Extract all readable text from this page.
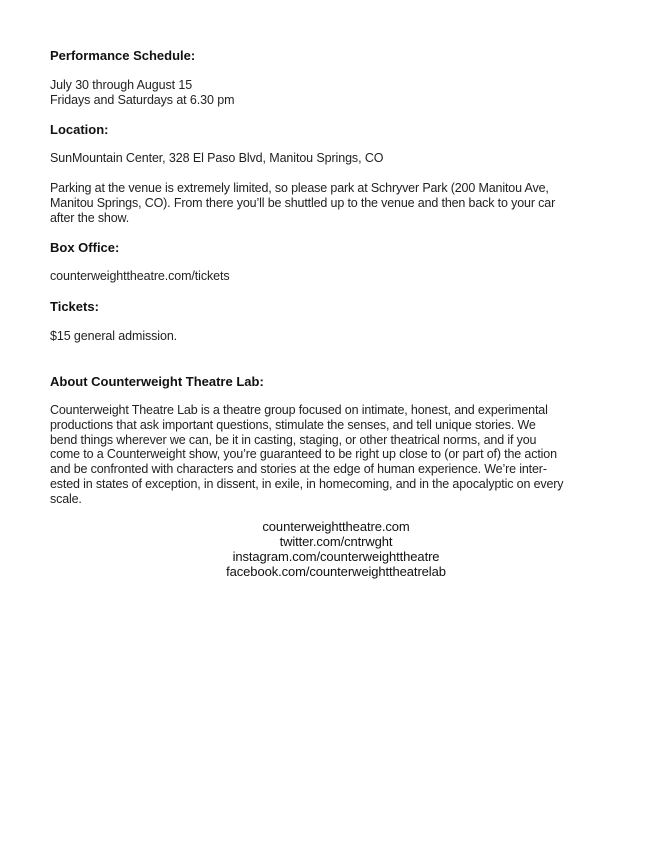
Performance Schedule:
July 30 through August 15
Fridays and Saturdays at 6.30 pm
Location:
SunMountain Center, 328 El Paso Blvd, Manitou Springs, CO
Parking at the venue is extremely limited, so please park at Schryver Park (200 Manitou Ave,
Manitou Springs, CO). From there you’ll be shuttled up to the venue and then back to your car
after the show.
Box Office:
counterweighttheatre.com/tickets
Tickets:
$15 general admission.
About Counterweight Theatre Lab:
Counterweight Theatre Lab is a theatre group focused on intimate, honest, and experimental
productions that ask important questions, stimulate the senses, and tell unique stories. We
bend things wherever we can, be it in casting, staging, or other theatrical norms, and if you
come to a Counterweight show, you’re guaranteed to be right up close to (or part of) the action
and be confronted with characters and stories at the edge of human experience. We’re inter-
ested in states of exception, in dissent, in exile, in homecoming, and in the apocalyptic on every
scale.
counterweighttheatre.com
twitter.com/cntrwght
instagram.com/counterweighttheatre
facebook.com/counterweighttheatrelab
